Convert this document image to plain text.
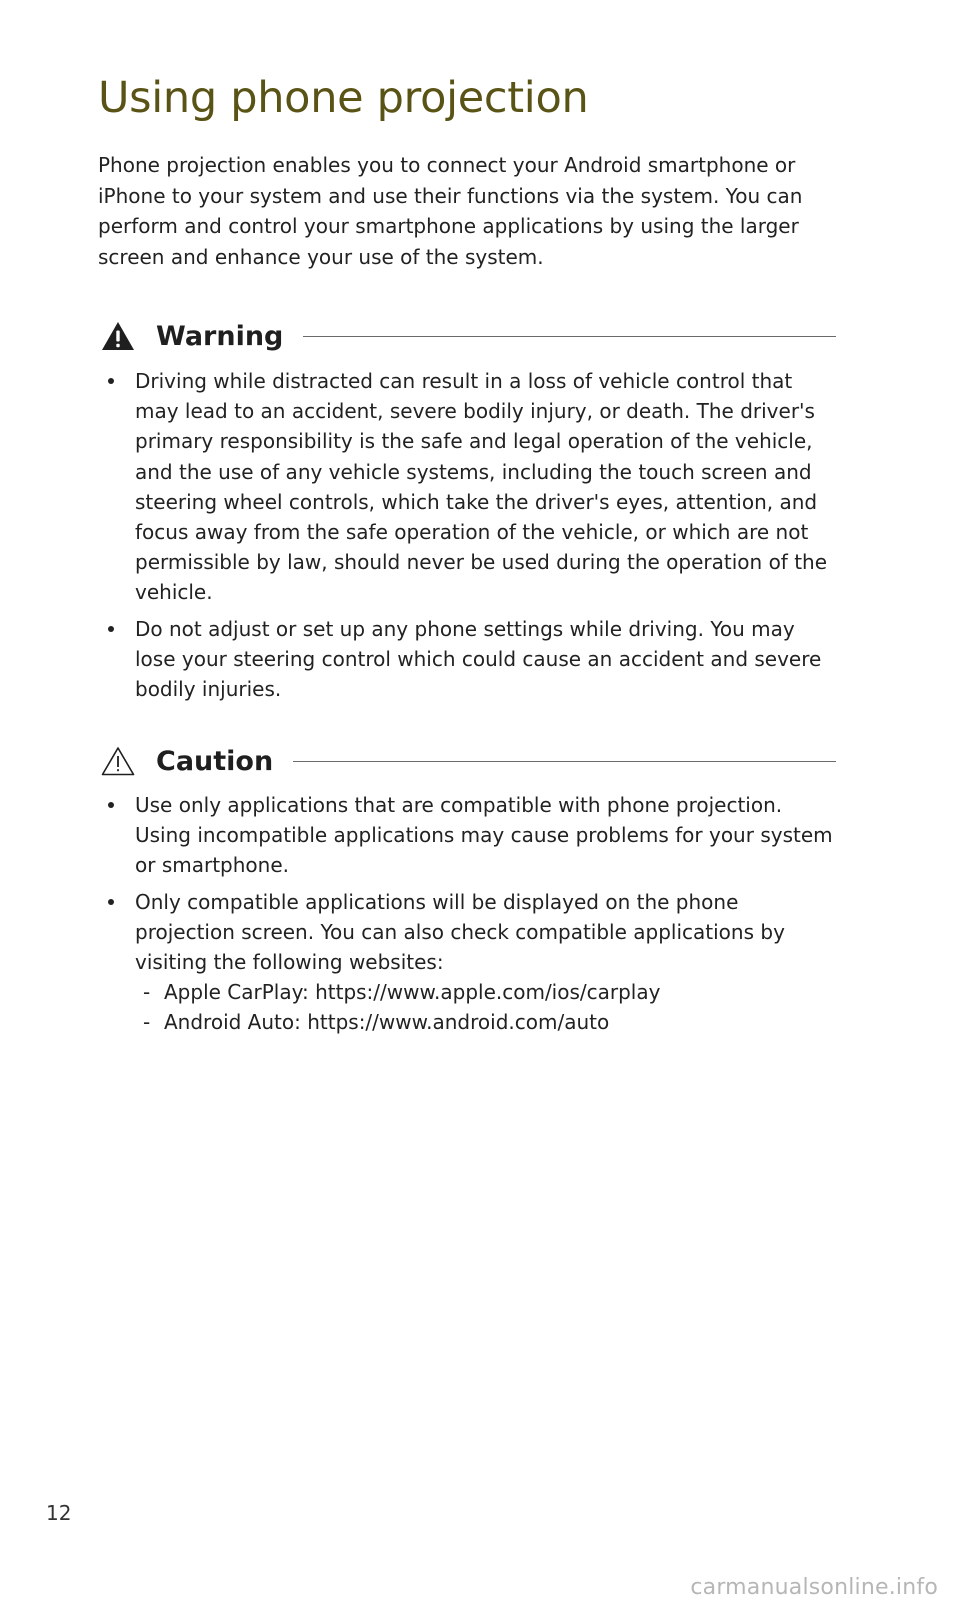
Using phone projection

Phone projection enables you to connect your Android smartphone or iPhone to your system and use their functions via the system. You can perform and control your smartphone applications by using the larger screen and enhance your use of the system.

Warning
Driving while distracted can result in a loss of vehicle control that may lead to an accident, severe bodily injury, or death. The driver's primary responsibility is the safe and legal operation of the vehicle, and the use of any vehicle systems, including the touch screen and steering wheel controls, which take the driver's eyes, attention, and focus away from the safe operation of the vehicle, or which are not permissible by law, should never be used during the operation of the vehicle.
Do not adjust or set up any phone settings while driving. You may lose your steering control which could cause an accident and severe bodily injuries.
Caution
Use only applications that are compatible with phone projection. Using incompatible applications may cause problems for your system or smartphone.
Only compatible applications will be displayed on the phone projection screen. You can also check compatible applications by visiting the following websites:
- Apple CarPlay: https://www.apple.com/ios/carplay
- Android Auto: https://www.android.com/auto
12
carmanualsonline.info
